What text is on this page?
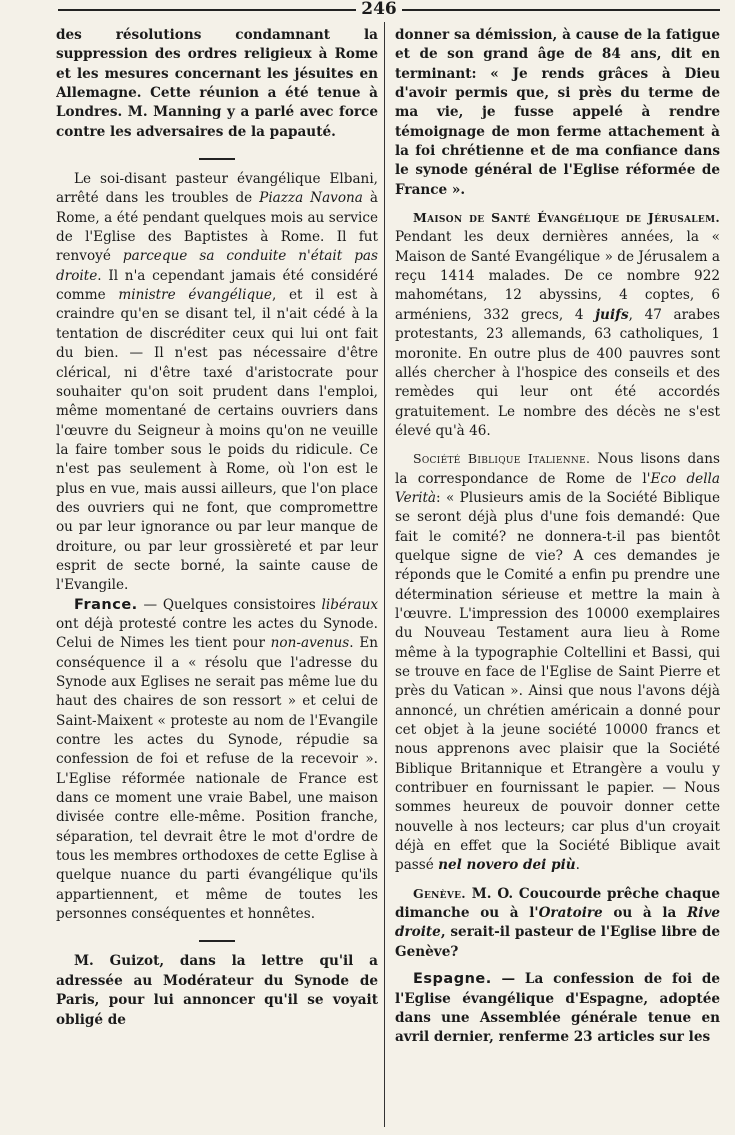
246

des résolutions condamnant la suppression des ordres religieux à Rome et les mesures concernant les jésuites en Allemagne. Cette réunion a été tenue à Londres. M. Manning y a parlé avec force contre les adversaires de la papauté.

Le soi-disant pasteur évangélique Elbani, arrêté dans les troubles de Piazza Navona à Rome, a été pendant quelques mois au service de l'Eglise des Baptistes à Rome. Il fut renvoyé parceque sa conduite n'était pas droite. Il n'a cependant jamais été considéré comme ministre évangélique, et il est à craindre qu'en se disant tel, il n'ait cédé à la tentation de discréditer ceux qui lui ont fait du bien. — Il n'est pas nécessaire d'être clérical, ni d'être taxé d'aristocrate pour souhaiter qu'on soit prudent dans l'emploi, même momentané de certains ouvriers dans l'œuvre du Seigneur à moins qu'on ne veuille la faire tomber sous le poids du ridicule. Ce n'est pas seulement à Rome, où l'on est le plus en vue, mais aussi ailleurs, que l'on place des ouvriers qui ne font, que compromettre ou par leur ignorance ou par leur manque de droiture, ou par leur grossièreté et par leur esprit de secte borné, la sainte cause de l'Evangile.

France. — Quelques consistoires libéraux ont déjà protesté contre les actes du Synode. Celui de Nimes les tient pour non-avenus. En conséquence il a « résolu que l'adresse du Synode aux Eglises ne serait pas même lue du haut des chaires de son ressort » et celui de Saint-Maixent « proteste au nom de l'Evangile contre les actes du Synode, répudie sa confession de foi et refuse de la recevoir ». L'Eglise réformée nationale de France est dans ce moment une vraie Babel, une maison divisée contre elle-même. Position franche, séparation, tel devrait être le mot d'ordre de tous les membres orthodoxes de cette Eglise à quelque nuance du parti évangélique qu'ils appartiennent, et même de toutes les personnes conséquentes et honnêtes.

M. Guizot, dans la lettre qu'il a adressée au Modérateur du Synode de Paris, pour lui annoncer qu'il se voyait obligé de

donner sa démission, à cause de la fatigue et de son grand âge de 84 ans, dit en terminant: « Je rends grâces à Dieu d'avoir permis que, si près du terme de ma vie, je fusse appelé à rendre témoignage de mon ferme attachement à la foi chrétienne et de ma confiance dans le synode général de l'Eglise réformée de France ».

Maison de Santé Évangélique de Jérusalem. Pendant les deux dernières années, la « Maison de Santé Evangélique » de Jérusalem a reçu 1414 malades. De ce nombre 922 mahométans, 12 abyssins, 4 coptes, 6 arméniens, 332 grecs, 4 juifs, 47 arabes protestants, 23 allemands, 63 catholiques, 1 moronite. En outre plus de 400 pauvres sont allés chercher à l'hospice des conseils et des remèdes qui leur ont été accordés gratuitement. Le nombre des décès ne s'est élevé qu'à 46.

Société Biblique Italienne. Nous lisons dans la correspondance de Rome de l'Eco della Verità: « Plusieurs amis de la Société Biblique se seront déjà plus d'une fois demandé: Que fait le comité? ne donnera-t-il pas bientôt quelque signe de vie? A ces demandes je réponds que le Comité a enfin pu prendre une détermination sérieuse et mettre la main à l'œuvre. L'impression des 10000 exemplaires du Nouveau Testament aura lieu à Rome même à la typographie Coltellini et Bassi, qui se trouve en face de l'Eglise de Saint Pierre et près du Vatican ». Ainsi que nous l'avons déjà annoncé, un chrétien américain a donné pour cet objet à la jeune société 10000 francs et nous apprenons avec plaisir que la Société Biblique Britannique et Etrangère a voulu y contribuer en fournissant le papier. — Nous sommes heureux de pouvoir donner cette nouvelle à nos lecteurs; car plus d'un croyait déjà en effet que la Société Biblique avait passé nel novero dei più.

Genève. M. O. Coucourde prêche chaque dimanche ou à l'Oratoire ou à la Rive droite, serait-il pasteur de l'Eglise libre de Genève?

Espagne. — La confession de foi de l'Eglise évangélique d'Espagne, adoptée dans une Assemblée générale tenue en avril dernier, renferme 23 articles sur les
